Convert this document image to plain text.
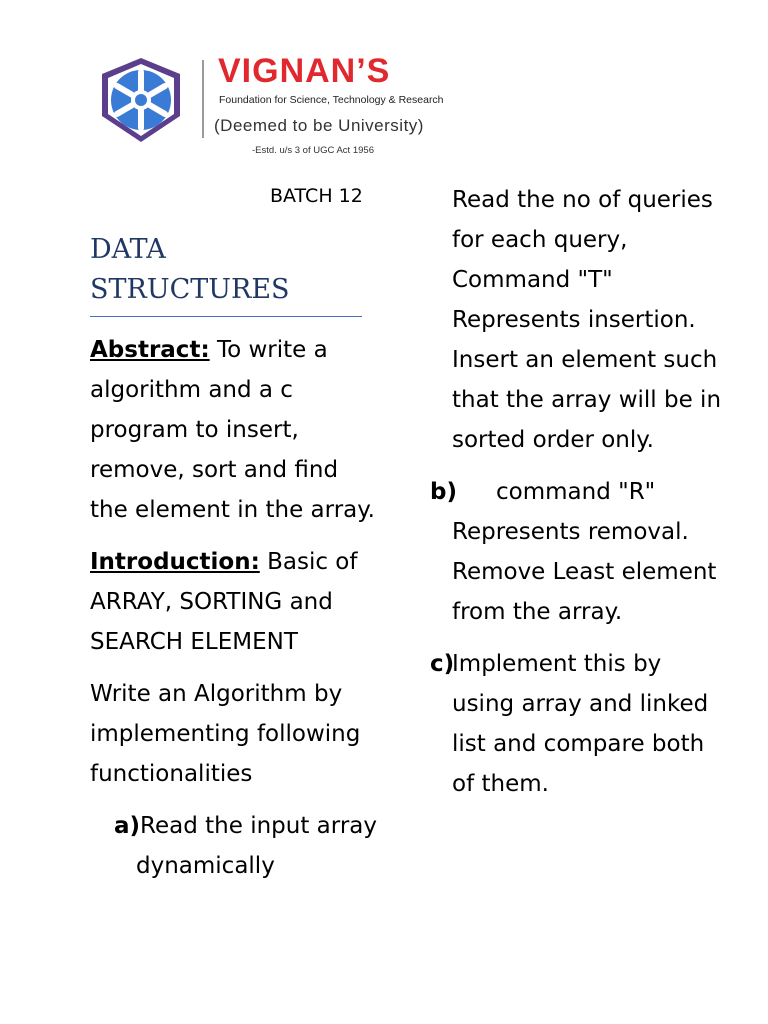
VIGNAN’S
Foundation for Science, Technology & Research
(Deemed to be University)
-Estd. u/s 3 of UGC Act 1956
BATCH 12
DATA
STRUCTURES

Abstract: To write a algorithm and a c program to insert, remove, sort and find the element in the array.

Introduction: Basic of ARRAY, SORTING and SEARCH ELEMENT

Write an Algorithm by implementing following functionalities

a)Read the input array dynamically

Read the no of queries for each query, Command "T" Represents insertion. Insert an element such that the array will be in sorted order only.

b) command "R" Represents removal. Remove Least element from the array.

c)Implement this by using array and linked list and compare both of them.
